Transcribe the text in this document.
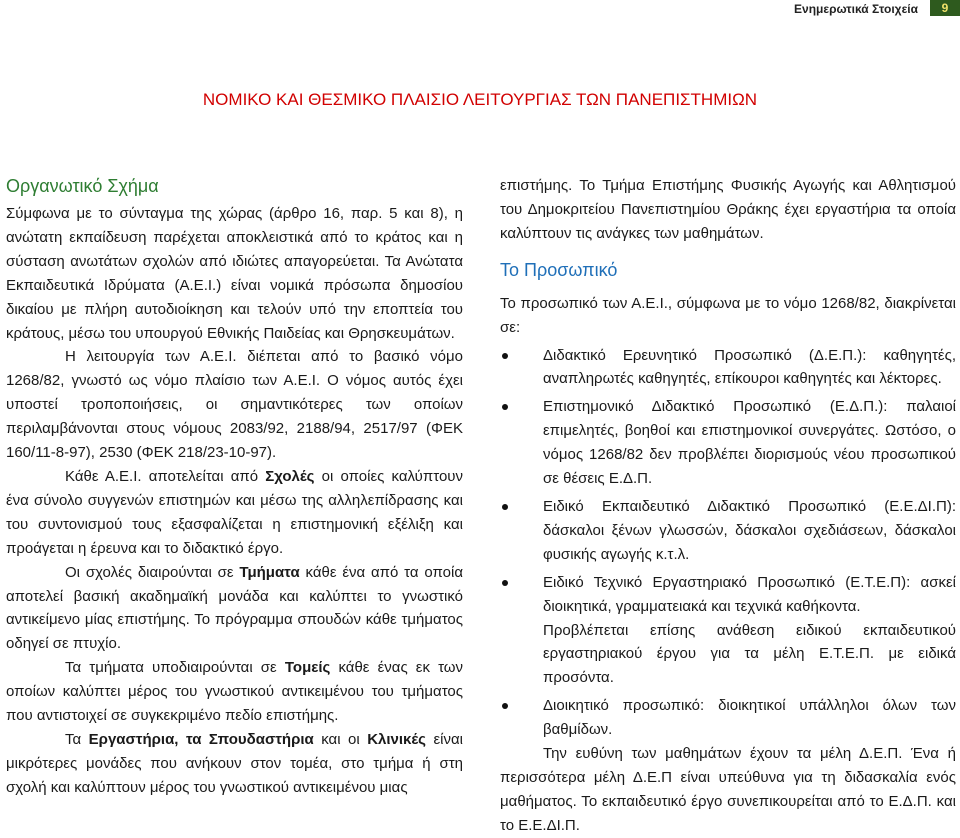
Ενημερωτικά Στοιχεία	9
ΝΟΜΙΚΟ ΚΑΙ ΘΕΣΜΙΚΟ ΠΛΑΙΣΙΟ ΛΕΙΤΟΥΡΓΙΑΣ ΤΩΝ ΠΑΝΕΠΙΣΤΗΜΙΩΝ
Οργανωτικό Σχήμα

Σύμφωνα με το σύνταγμα της χώρας (άρθρο 16, παρ. 5 και 8), η ανώτατη εκπαίδευση παρέχεται αποκλειστικά από το κράτος και η σύσταση ανωτάτων σχολών από ιδιώτες απαγορεύεται. Τα Ανώτατα Εκπαιδευτικά Ιδρύματα (Α.Ε.Ι.) είναι νομικά πρόσωπα δημοσίου δικαίου με πλήρη αυτοδιοίκηση και τελούν υπό την εποπτεία του κράτους, μέσω του υπουργού Εθνικής Παιδείας και Θρησκευμάτων.

Η λειτουργία των Α.Ε.Ι. διέπεται από το βασικό νόμο 1268/82, γνωστό ως νόμο πλαίσιο των Α.Ε.Ι. Ο νόμος αυτός έχει υποστεί τροποποιήσεις, οι σημαντικότερες των οποίων περιλαμβάνονται στους νόμους 2083/92, 2188/94, 2517/97 (ΦΕΚ 160/11-8-97), 2530 (ΦΕΚ 218/23-10-97).

Κάθε Α.Ε.Ι. αποτελείται από Σχολές οι οποίες καλύπτουν ένα σύνολο συγγενών επιστημών και μέσω της αλληλεπίδρασης και του συντονισμού τους εξασφαλίζεται η επιστημονική εξέλιξη και προάγεται η έρευνα και το διδακτικό έργο.

Οι σχολές διαιρούνται σε Τμήματα κάθε ένα από τα οποία αποτελεί βασική ακαδημαϊκή μονάδα και καλύπτει το γνωστικό αντικείμενο μίας επιστήμης. Το πρόγραμμα σπουδών κάθε τμήματος οδηγεί σε πτυχίο.

Τα τμήματα υποδιαιρούνται σε Τομείς κάθε ένας εκ των οποίων καλύπτει μέρος του γνωστικού αντικειμένου του τμήματος που αντιστοιχεί σε συγκεκριμένο πεδίο επιστήμης.

Τα Εργαστήρια, τα Σπουδαστήρια και οι Κλινικές είναι μικρότερες μονάδες που ανήκουν στον τομέα, στο τμήμα ή στη σχολή και καλύπτουν μέρος του γνωστικού αντικειμένου μιας

επιστήμης. Το Τμήμα Επιστήμης Φυσικής Αγωγής και Αθλητισμού του Δημοκριτείου Πανεπιστημίου Θράκης έχει εργαστήρια τα οποία καλύπτουν τις ανάγκες των μαθημάτων.

Το Προσωπικό

Το προσωπικό των Α.Ε.Ι., σύμφωνα με το νόμο 1268/82, διακρίνεται σε:

Διδακτικό Ερευνητικό Προσωπικό (Δ.Ε.Π.): καθηγητές, αναπληρωτές καθηγητές, επίκουροι καθηγητές και λέκτορες.
Επιστημονικό Διδακτικό Προσωπικό (Ε.Δ.Π.): παλαιοί επιμελητές, βοηθοί και επιστημονικοί συνεργάτες. Ωστόσο, ο νόμος 1268/82 δεν προβλέπει διορισμούς νέου προσωπικού σε θέσεις Ε.Δ.Π.
Ειδικό Εκπαιδευτικό Διδακτικό Προσωπικό (Ε.Ε.ΔΙ.Π): δάσκαλοι ξένων γλωσσών, δάσκαλοι σχεδιάσεων, δάσκαλοι φυσικής αγωγής κ.τ.λ.
Ειδικό Τεχνικό Εργαστηριακό Προσωπικό (Ε.Τ.Ε.Π): ασκεί διοικητικά, γραμματειακά και τεχνικά καθήκοντα.

Προβλέπεται επίσης ανάθεση ειδικού εκπαιδευτικού εργαστηριακού έργου για τα μέλη Ε.Τ.Ε.Π. με ειδικά προσόντα.

Διοικητικό προσωπικό: διοικητικοί υπάλληλοι όλων των βαθμίδων.

Την ευθύνη των μαθημάτων έχουν τα μέλη Δ.Ε.Π. Ένα ή περισσότερα μέλη Δ.Ε.Π είναι υπεύθυνα για τη διδασκαλία ενός μαθήματος. Το εκπαιδευτικό έργο συνεπικουρείται από το Ε.Δ.Π. και το Ε.Ε.ΔΙ.Π.
